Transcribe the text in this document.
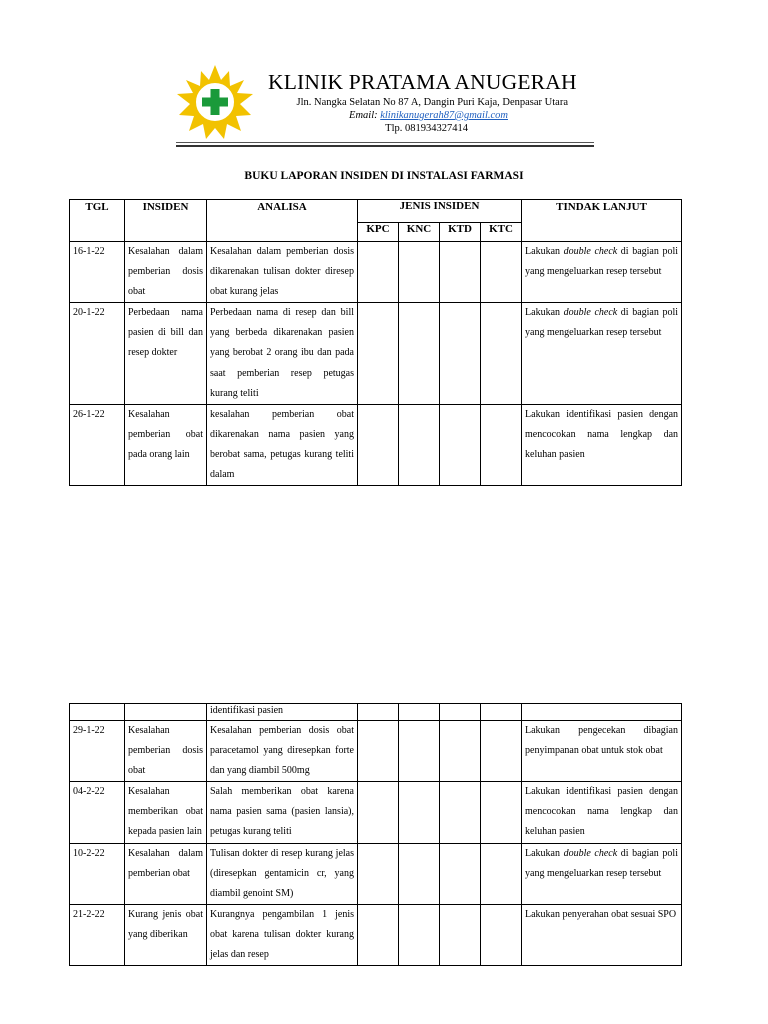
KLINIK PRATAMA ANUGERAH
Jln. Nangka Selatan No 87 A, Dangin Puri Kaja, Denpasar Utara
Email: klinikanugerah87@gmail.com
Tlp. 081934327414
BUKU LAPORAN INSIDEN DI INSTALASI FARMASI
TGL	INSIDEN	ANALISA	JENIS INSIDEN				TINDAK LANJUT
			KPC	KNC	KTD	KTC	
16-1-22	Kesalahan dalam pemberian dosis obat	Kesalahan dalam pemberian dosis dikarenakan tulisan dokter diresep obat kurang jelas					Lakukan double check di bagian poli yang mengeluarkan resep tersebut
20-1-22	Perbedaan nama pasien di bill dan resep dokter	Perbedaan nama di resep dan bill yang berbeda dikarenakan pasien yang berobat 2 orang ibu dan pada saat pemberian resep petugas kurang teliti					Lakukan double check di bagian poli yang mengeluarkan resep tersebut
26-1-22	Kesalahan pemberian obat pada orang lain	kesalahan pemberian obat dikarenakan nama pasien yang berobat sama, petugas kurang teliti dalam					Lakukan identifikasi pasien dengan mencocokan nama lengkap dan keluhan pasien
		identifikasi pasien					
29-1-22	Kesalahan pemberian dosis obat	Kesalahan pemberian dosis obat paracetamol yang diresepkan forte dan yang diambil 500mg					Lakukan pengecekan dibagian penyimpanan obat untuk stok obat
04-2-22	Kesalahan memberikan obat kepada pasien lain	Salah memberikan obat karena nama pasien sama (pasien lansia), petugas kurang teliti					Lakukan identifikasi pasien dengan mencocokan nama lengkap dan keluhan pasien
10-2-22	Kesalahan dalam pemberian obat	Tulisan dokter di resep kurang jelas (diresepkan gentamicin cr, yang diambil genoint SM)					Lakukan double check di bagian poli yang mengeluarkan resep tersebut
21-2-22	Kurang jenis obat yang diberikan	Kurangnya pengambilan 1 jenis obat karena tulisan dokter kurang jelas dan resep					Lakukan penyerahan obat sesuai SPO
